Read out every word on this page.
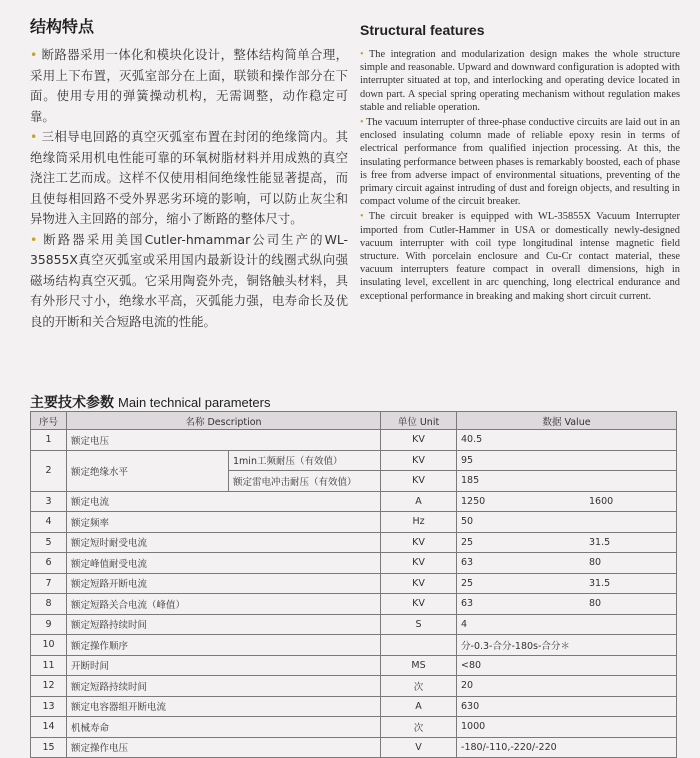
结构特点

• 断路器采用一体化和模块化设计，整体结构简单合理，采用上下布置，灭弧室部分在上面，联锁和操作部分在下面。使用专用的弹簧操动机构，无需调整，动作稳定可靠。

• 三相导电回路的真空灭弧室布置在封闭的绝缘筒内。其绝缘筒采用机电性能可靠的环氧树脂材料并用成熟的真空浇注工艺而成。这样不仅使用相间绝缘性能显著提高，而且使每相回路不受外界恶劣环境的影响，可以防止灰尘和异物进入主回路的部分，缩小了断路的整体尺寸。

• 断路器采用美国Cutler-hmammar公司生产的WL-35855X真空灭弧室或采用国内最新设计的线圈式纵向强磁场结构真空灭弧。它采用陶瓷外壳，铜铬触头材料，具有外形尺寸小，绝缘水平高，灭弧能力强，电寿命长及优良的开断和关合短路电流的性能。

Structural features

• The integration and modularization design makes the whole structure simple and reasonable. Upward and downward configuration is adopted with interrupter situated at top, and interlocking and operating device located in down part. A special spring operating mechanism without regulation makes stable and reliable operation.

• The vacuum interrupter of three-phase conductive circuits are laid out in an enclosed insulating column made of reliable epoxy resin in terms of electrical performance from qualified injection processing. At this, the insulating performance between phases is remarkably boosted, each of phase is free from adverse impact of environmental situations, preventing of the primary circuit against intruding of dust and foreign objects, and resulting in compact volume of the circuit breaker.

• The circuit breaker is equipped with WL-35855X Vacuum Interrupter imported from Cutler-Hammer in USA or domestically newly-designed vacuum interrupter with coil type longitudinal intense magnetic field structure. With porcelain enclosure and Cu-Cr contact material, these vacuum interrupters feature compact in overall dimensions, high in insulating level, excellent in arc quenching, long electrical endurance and exceptional performance in breaking and making short circuit current.

主要技术参数 Main technical parameters
序号	名称 Description		单位 Unit	数据 Value
1	额定电压		KV	40.5
2	额定绝缘水平	1min工频耐压（有效值）	KV	95
		额定雷电冲击耐压（有效值）	KV	185
3	额定电流		A	1250 1600
4	额定频率		Hz	50
5	额定短时耐受电流		KV	25 31.5
6	额定峰值耐受电流		KV	63 80
7	额定短路开断电流		KV	25 31.5
8	额定短路关合电流（峰值）		KV	63 80
9	额定短路持续时间		S	4
10	额定操作顺序			分-0.3-合分-180s-合分＊
11	开断时间		MS	<80
12	额定短路持续时间		次	20
13	额定电容器组开断电流		A	630
14	机械寿命		次	1000
15	额定操作电压		V	-180/-110,-220/-220
